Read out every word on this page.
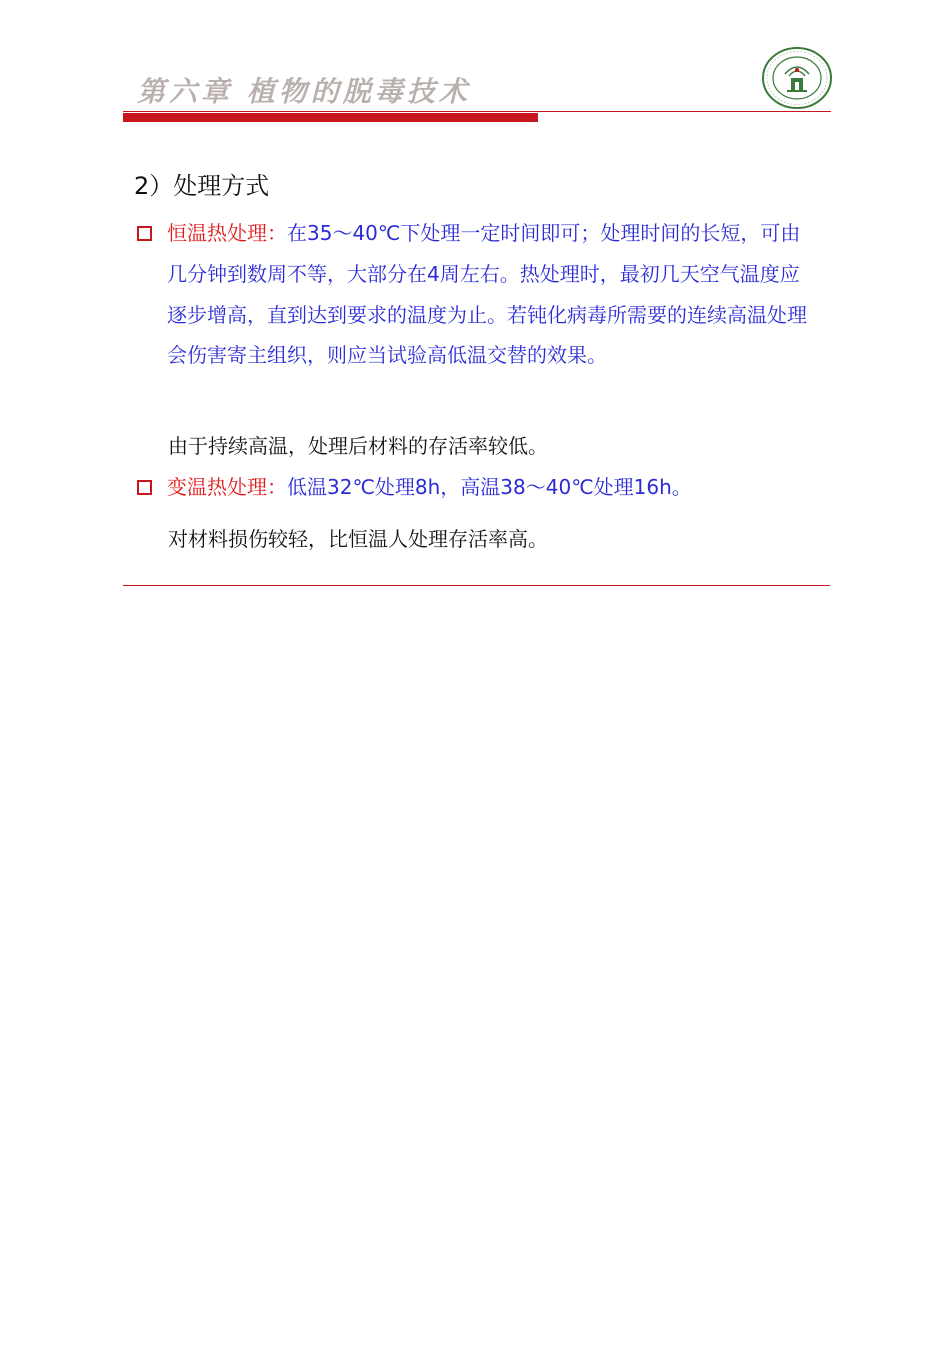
第六章 植物的脱毒技术
2）处理方式
恒温热处理：在35～40℃下处理一定时间即可；处理时间的长短，可由几分钟到数周不等，大部分在4周左右。热处理时，最初几天空气温度应逐步增高，直到达到要求的温度为止。若钝化病毒所需要的连续高温处理会伤害寄主组织，则应当试验高低温交替的效果。
由于持续高温，处理后材料的存活率较低。
变温热处理：低温32℃处理8h，高温38～40℃处理16h。
对材料损伤较轻，比恒温人处理存活率高。
